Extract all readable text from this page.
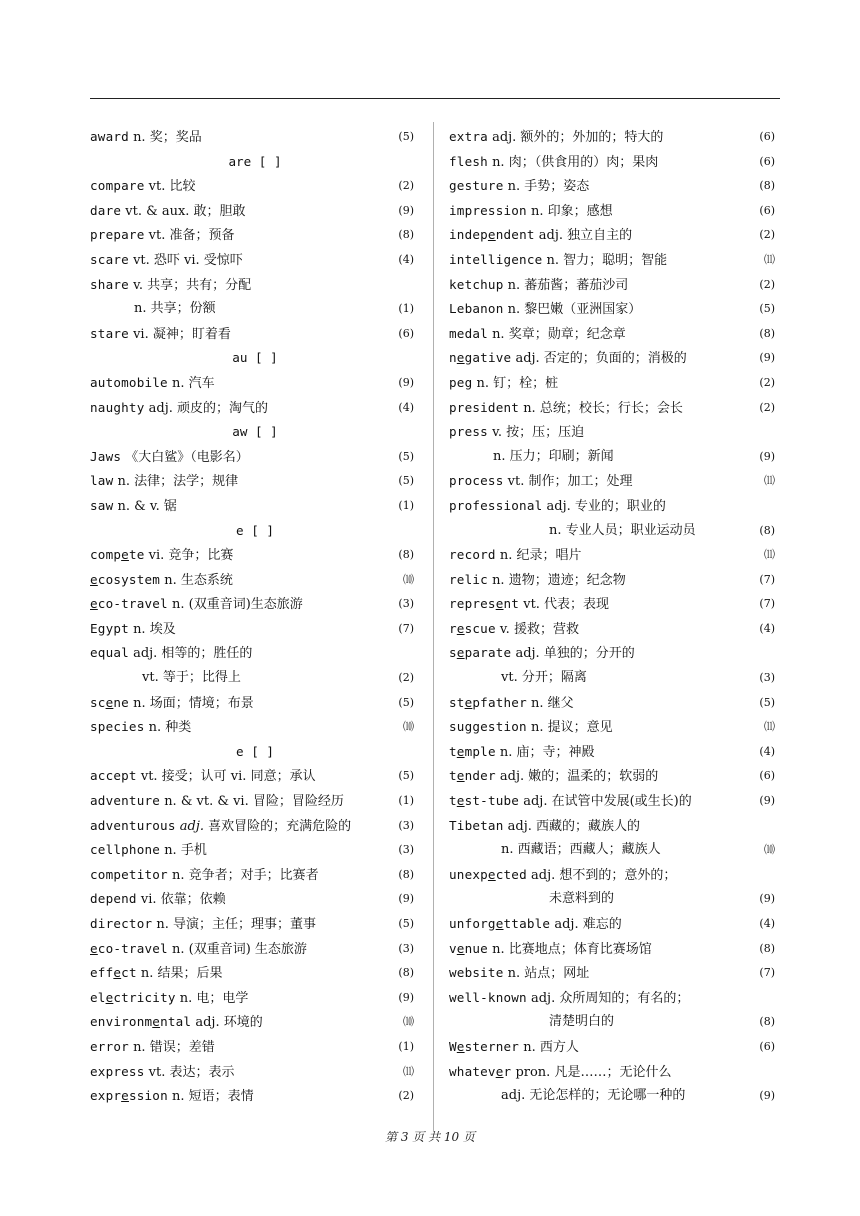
award n. 奖；奖品	(5)
are [ ]
compare vt. 比较	(2)
dare vt. & aux. 敢；胆敢	(9)
prepare vt. 准备；预备	(8)
scare vt. 恐吓 vi. 受惊吓	(4)
share v. 共享；共有；分配
n. 共享；份额	(1)
stare vi. 凝神；盯着看	(6)
au [ ]
automobile n. 汽车	(9)
naughty adj. 顽皮的；淘气的	(4)
aw [ ]
Jaws 《大白鲨》（电影名）	(5)
law n. 法律；法学；规律	(5)
saw n. & v. 锯	(1)
e [ ]
compete vi. 竞争；比赛	(8)
ecosystem n. 生态系统	⑽
eco-travel n. (双重音词)生态旅游	(3)
Egypt n. 埃及	(7)
equal adj. 相等的；胜任的
vt. 等于；比得上	(2)
scene n. 场面；情境；布景	(5)
species n. 种类	⑽
e [ ]
accept vt. 接受；认可 vi. 同意；承认	(5)
adventure n. & vt. & vi. 冒险；冒险经历	(1)
adventurous adj. 喜欢冒险的；充满危险的	(3)
cellphone n. 手机	(3)
competitor n. 竞争者；对手；比赛者	(8)
depend vi. 依靠；依赖	(9)
director n. 导演；主任；理事；董事	(5)
eco-travel n. (双重音词) 生态旅游	(3)
effect n. 结果；后果	(8)
electricity n. 电；电学	(9)
environmental adj. 环境的	⑽
error n. 错误；差错	(1)
express vt. 表达；表示	⑾
expression n. 短语；表情	(2)
extra adj. 额外的；外加的；特大的	(6)
flesh n. 肉；（供食用的）肉；果肉	(6)
gesture n. 手势；姿态	(8)
impression n. 印象；感想	(6)
independent adj. 独立自主的	(2)
intelligence n. 智力；聪明；智能	⑾
ketchup n. 蕃茄酱；蕃茄沙司	(2)
Lebanon n. 黎巴嫩（亚洲国家）	(5)
medal n. 奖章；勋章；纪念章	(8)
negative adj. 否定的；负面的；消极的	(9)
peg n. 钉；栓；桩	(2)
president n. 总统；校长；行长；会长	(2)
press v. 按；压；压迫
n. 压力；印刷；新闻	(9)
process vt. 制作；加工；处理	⑾
professional adj. 专业的；职业的
n. 专业人员；职业运动员	(8)
record n. 纪录；唱片	⑾
relic n. 遗物；遗迹；纪念物	(7)
represent vt. 代表；表现	(7)
rescue v. 援救；营救	(4)
separate adj. 单独的；分开的
vt. 分开；隔离	(3)
stepfather n. 继父	(5)
suggestion n. 提议；意见	⑾
temple n. 庙；寺；神殿	(4)
tender adj. 嫩的；温柔的；软弱的	(6)
test-tube adj. 在试管中发展(或生长)的	(9)
Tibetan adj. 西藏的；藏族人的
n. 西藏语；西藏人；藏族人	⑽
unexpected adj. 想不到的；意外的；
未意料到的	(9)
unforgettable adj. 难忘的	(4)
venue n. 比赛地点；体育比赛场馆	(8)
website n. 站点；网址	(7)
well-known adj. 众所周知的；有名的；
清楚明白的	(8)
Westerner n. 西方人	(6)
whatever pron. 凡是……；无论什么
adj. 无论怎样的；无论哪一种的	(9)
第 3 页 共 10 页
